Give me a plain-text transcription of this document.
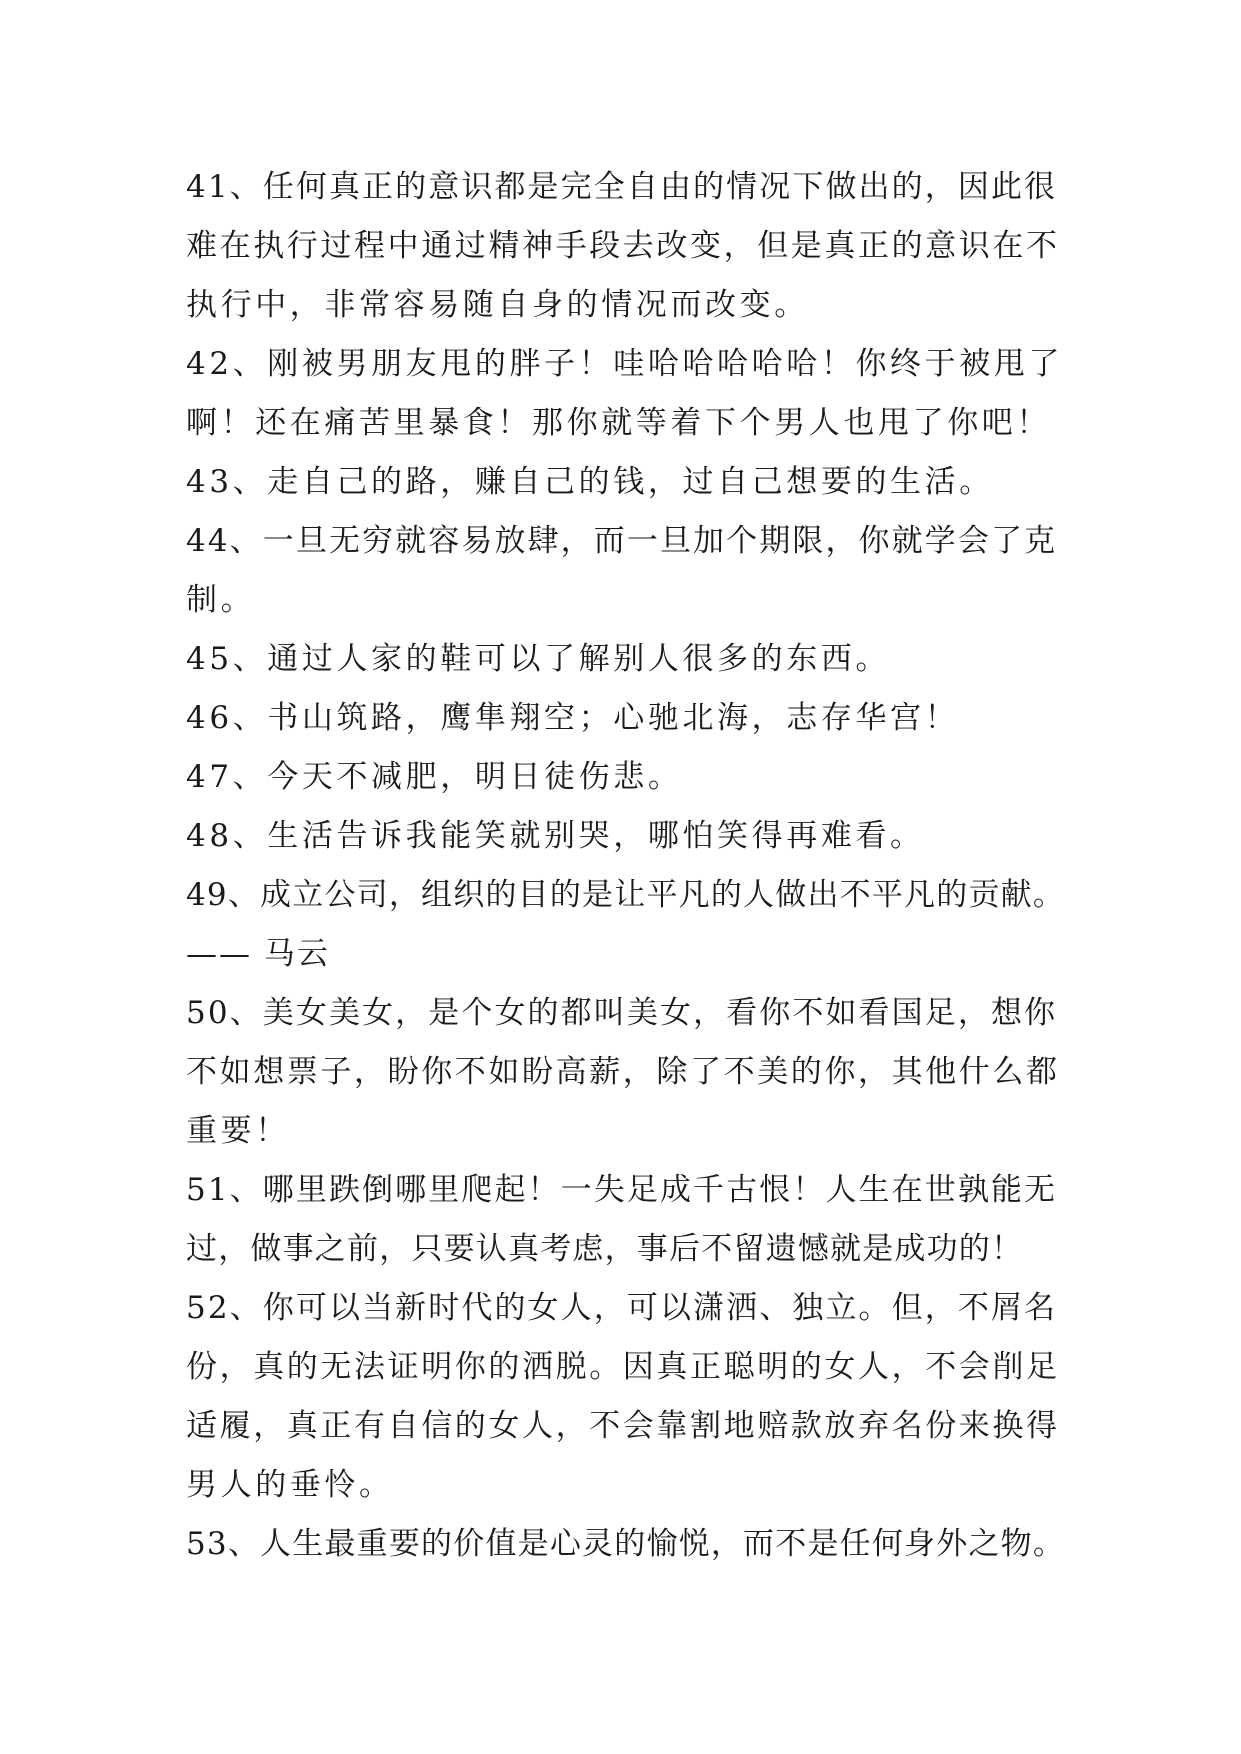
41、任何真正的意识都是完全自由的情况下做出的，因此很
难在执行过程中通过精神手段去改变，但是真正的意识在不
执行中，非常容易随自身的情况而改变。
42、刚被男朋友甩的胖子！哇哈哈哈哈哈！你终于被甩了
啊！还在痛苦里暴食！那你就等着下个男人也甩了你吧！
43、走自己的路，赚自己的钱，过自己想要的生活。
44、一旦无穷就容易放肆，而一旦加个期限，你就学会了克
制。
45、通过人家的鞋可以了解别人很多的东西。
46、书山筑路，鹰隼翔空；心驰北海，志存华宫！
47、今天不减肥，明日徒伤悲。
48、生活告诉我能笑就别哭，哪怕笑得再难看。
49、成立公司，组织的目的是让平凡的人做出不平凡的贡献。
—— 马云
50、美女美女，是个女的都叫美女，看你不如看国足，想你
不如想票子，盼你不如盼高薪，除了不美的你，其他什么都
重要！
51、哪里跌倒哪里爬起！一失足成千古恨！人生在世孰能无
过，做事之前，只要认真考虑，事后不留遗憾就是成功的！
52、你可以当新时代的女人，可以潇洒、独立。但，不屑名
份，真的无法证明你的洒脱。因真正聪明的女人，不会削足
适履，真正有自信的女人，不会靠割地赔款放弃名份来换得
男人的垂怜。
53、人生最重要的价值是心灵的愉悦，而不是任何身外之物。
